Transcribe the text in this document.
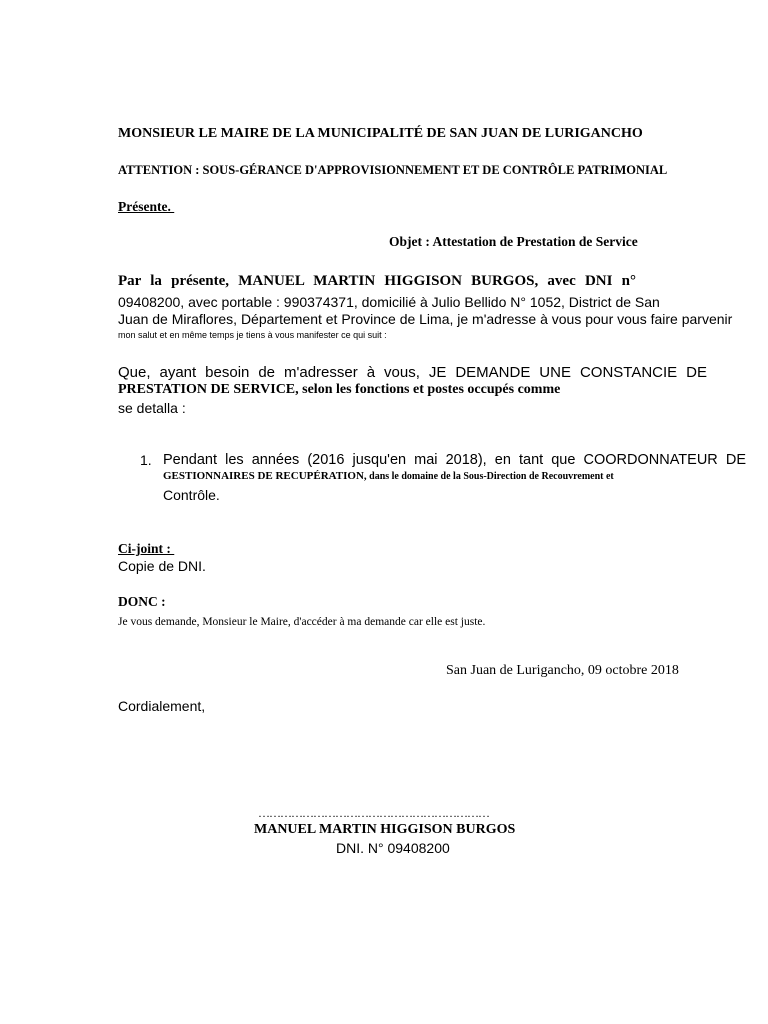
MONSIEUR LE MAIRE DE LA MUNICIPALITÉ DE SAN JUAN DE LURIGANCHO

ATTENTION : SOUS-GÉRANCE D'APPROVISIONNEMENT ET DE CONTRÔLE PATRIMONIAL

Présente.

Objet : Attestation de Prestation de Service

Par la présente, MANUEL MARTIN HIGGISON BURGOS, avec DNI n°

09408200, avec portable : 990374371, domicilié à Julio Bellido N° 1052, District de San

Juan de Miraflores, Département et Province de Lima, je m'adresse à vous pour vous faire parvenir

mon salut et en même temps je tiens à vous manifester ce qui suit :

Que, ayant besoin de m'adresser à vous, JE DEMANDE UNE CONSTANCIE DE

PRESTATION DE SERVICE, selon les fonctions et postes occupés comme

se detalla :

1. Pendant les années (2016 jusqu'en mai 2018), en tant que COORDONNATEUR DE

GESTIONNAIRES DE RECUPÉRATION, dans le domaine de la Sous-Direction de Recouvrement et

Contrôle.

Ci-joint :

Copie de DNI.

DONC :

Je vous demande, Monsieur le Maire, d'accéder à ma demande car elle est juste.

San Juan de Lurigancho, 09 octobre 2018

Cordialement,

………………………………………………………

MANUEL MARTIN HIGGISON BURGOS

DNI. N° 09408200
